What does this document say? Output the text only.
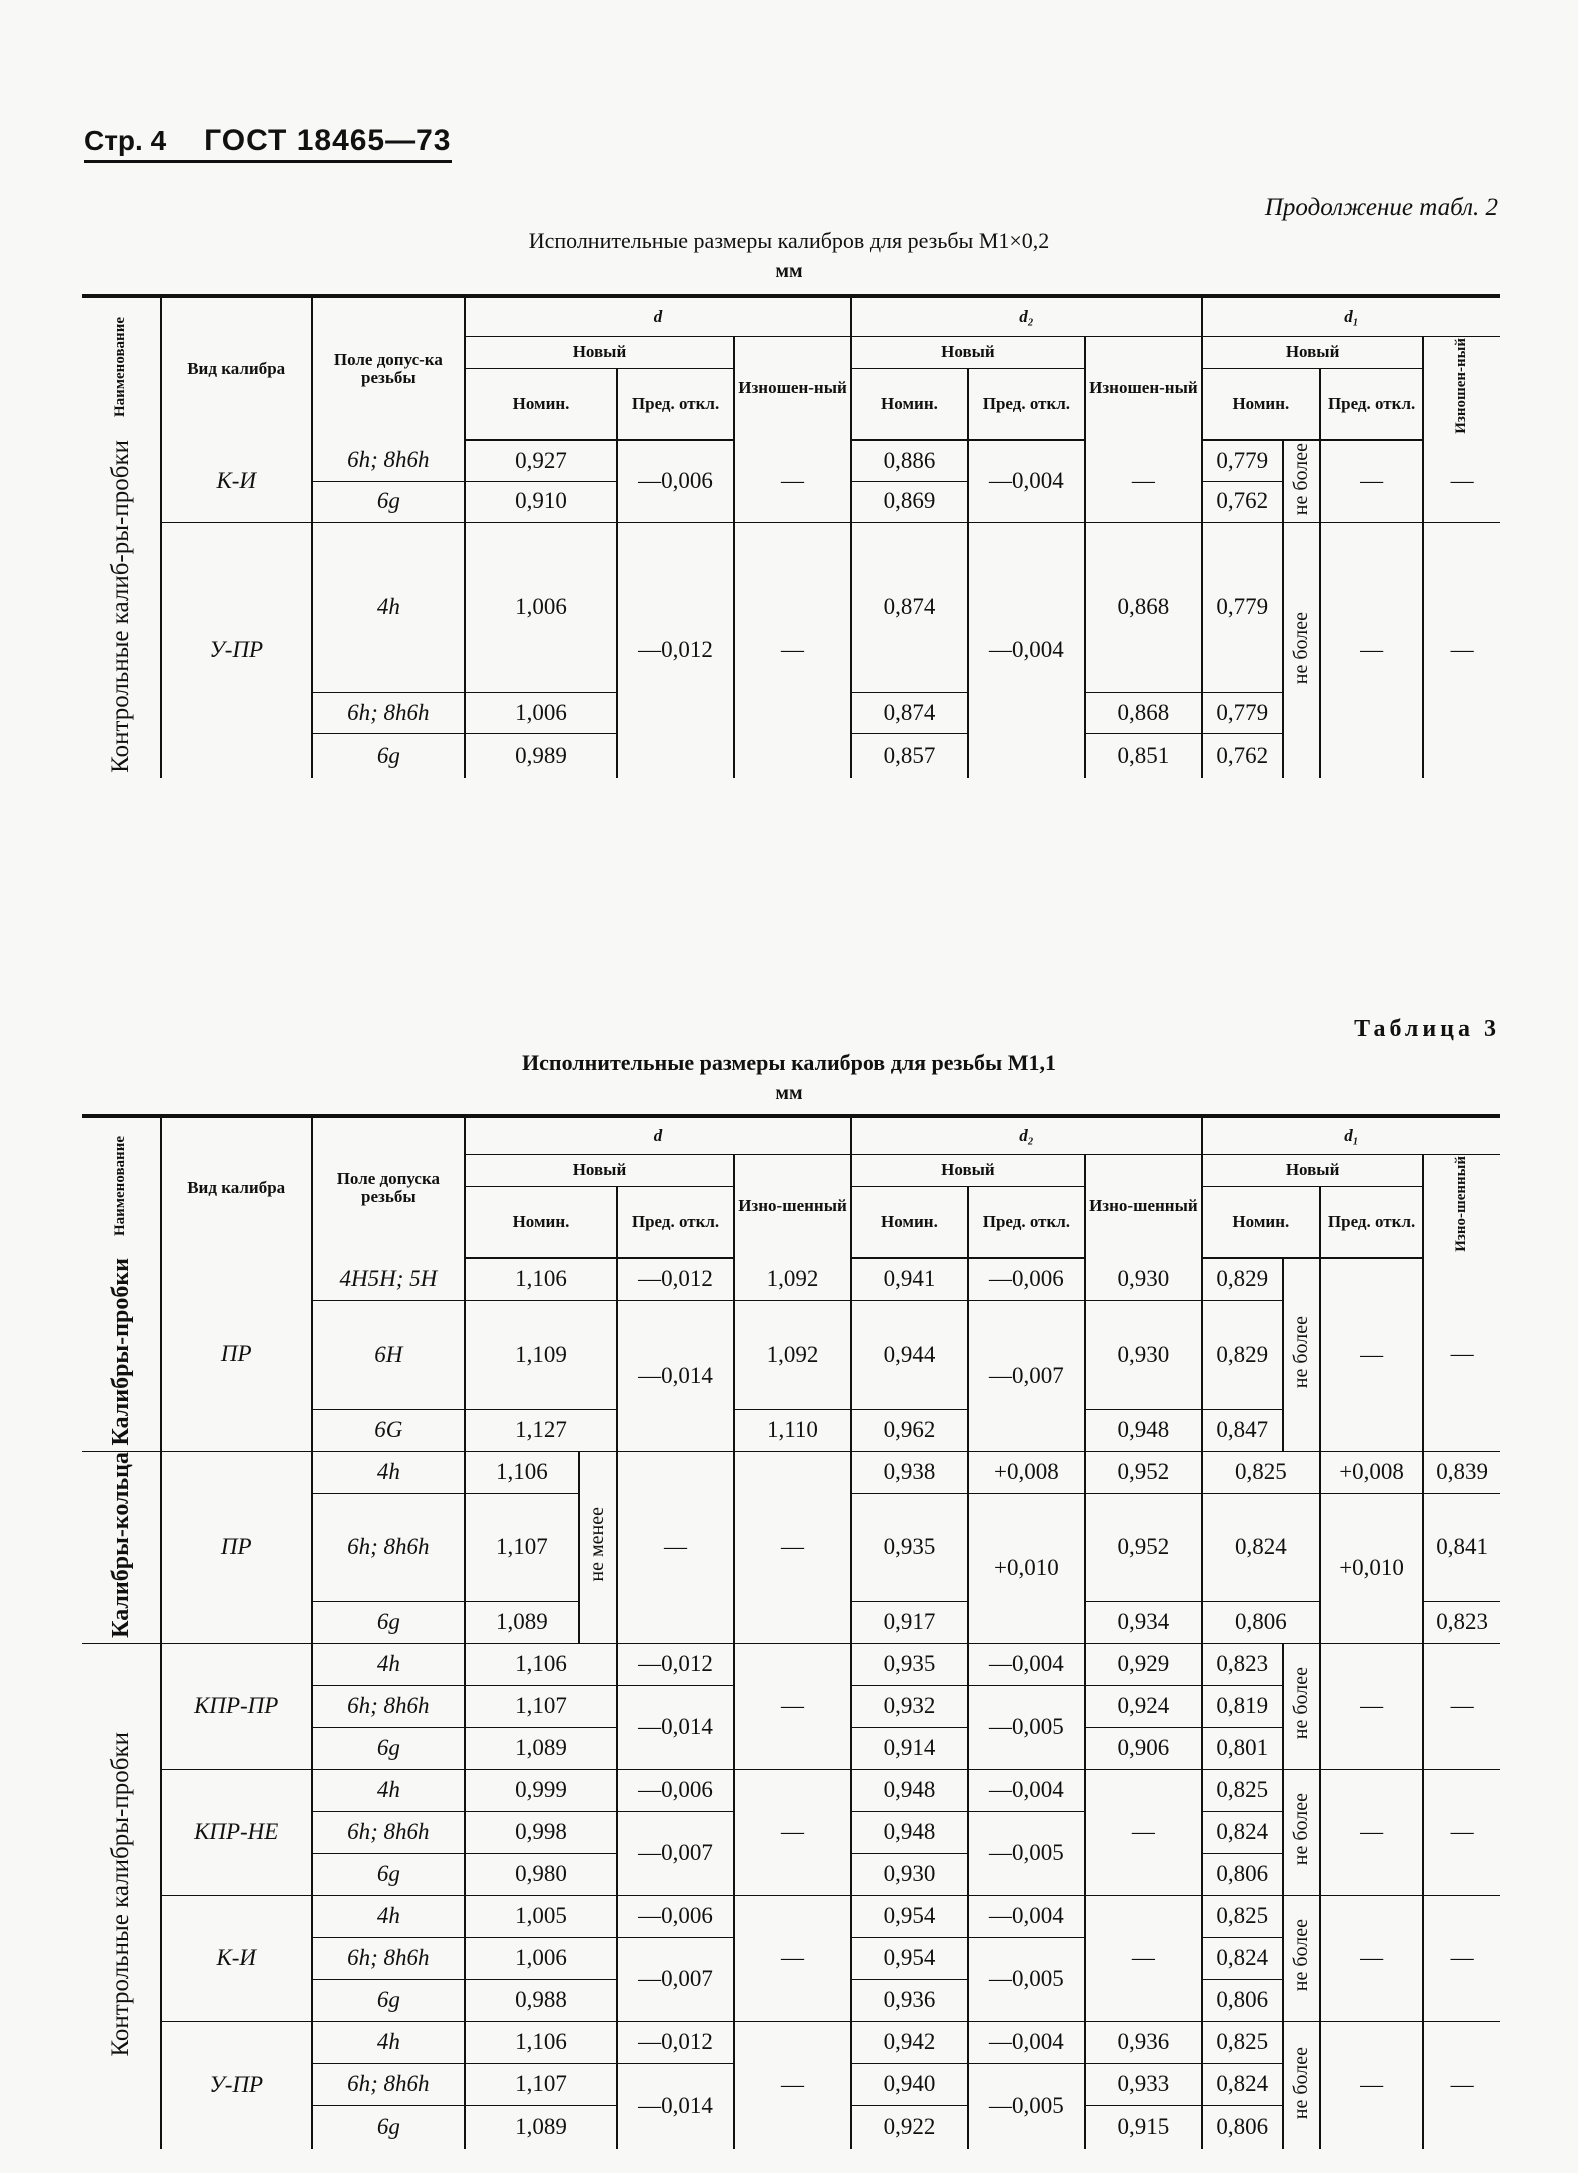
Стр. 4 ГОСТ 18465—73
Продолжение табл. 2
Исполнительные размеры калибров для резьбы М1×0,2
мм
Наименование	Вид калибра	Поле допус-ка резьбы	d			d₂			d₁			
			Новый		Изношен-ный	Новый		Изношен-ный	Новый			Изношен-ный
			Номин.	Пред. откл.		Номин.	Пред. откл.		Номин.		Пред. откл.	
Контрольные калиб-ры-пробки	К-И	6h; 8h6h	0,927	—0,006	—	0,886	—0,004	—	0,779	не более	—	—
		6g	0,910			0,869			0,762			
	У-ПР	4h	1,006	—0,012	—	0,874	—0,004	0,868	0,779	не более	—	—
		6h; 8h6h	1,006			0,874		0,868	0,779			
		6g	0,989			0,857		0,851	0,762			
Таблица 3
Исполнительные размеры калибров для резьбы М1,1
мм
Наименование	Вид калибра	Поле допуска резьбы	d				d₂			d₁			
			Новый			Изно-шенный	Новый		Изно-шенный	Новый			Изно-шенный
			Номин.		Пред. откл.		Номин.	Пред. откл.		Номин.		Пред. откл.	
Калибры-пробки	ПР	4H5H; 5H	1,106		—0,012	1,092	0,941	—0,006	0,930	0,829	не более	—	—
		6H	1,109		—0,014	1,092	0,944	—0,007	0,930	0,829			
		6G	1,127			1,110	0,962		0,948	0,847			
Калибры-кольца	ПР	4h	1,106	не менее	—	—	0,938	+0,008	0,952	0,825		+0,008	0,839
		6h; 8h6h	1,107				0,935	+0,010	0,952	0,824		+0,010	0,841
		6g	1,089				0,917		0,934	0,806			0,823
Контрольные калибры-пробки	КПР-ПР	4h	1,106		—0,012	—	0,935	—0,004	0,929	0,823	не более	—	—
		6h; 8h6h	1,107		—0,014		0,932	—0,005	0,924	0,819			
		6g	1,089				0,914		0,906	0,801			
	КПР-НЕ	4h	0,999		—0,006	—	0,948	—0,004	—	0,825	не более	—	—
		6h; 8h6h	0,998		—0,007		0,948	—0,005		0,824			
		6g	0,980				0,930			0,806			
	К-И	4h	1,005		—0,006	—	0,954	—0,004	—	0,825	не более	—	—
		6h; 8h6h	1,006		—0,007		0,954	—0,005		0,824			
		6g	0,988				0,936			0,806			
	У-ПР	4h	1,106		—0,012	—	0,942	—0,004	0,936	0,825	не более	—	—
		6h; 8h6h	1,107		—0,014		0,940	—0,005	0,933	0,824			
		6g	1,089				0,922		0,915	0,806			
